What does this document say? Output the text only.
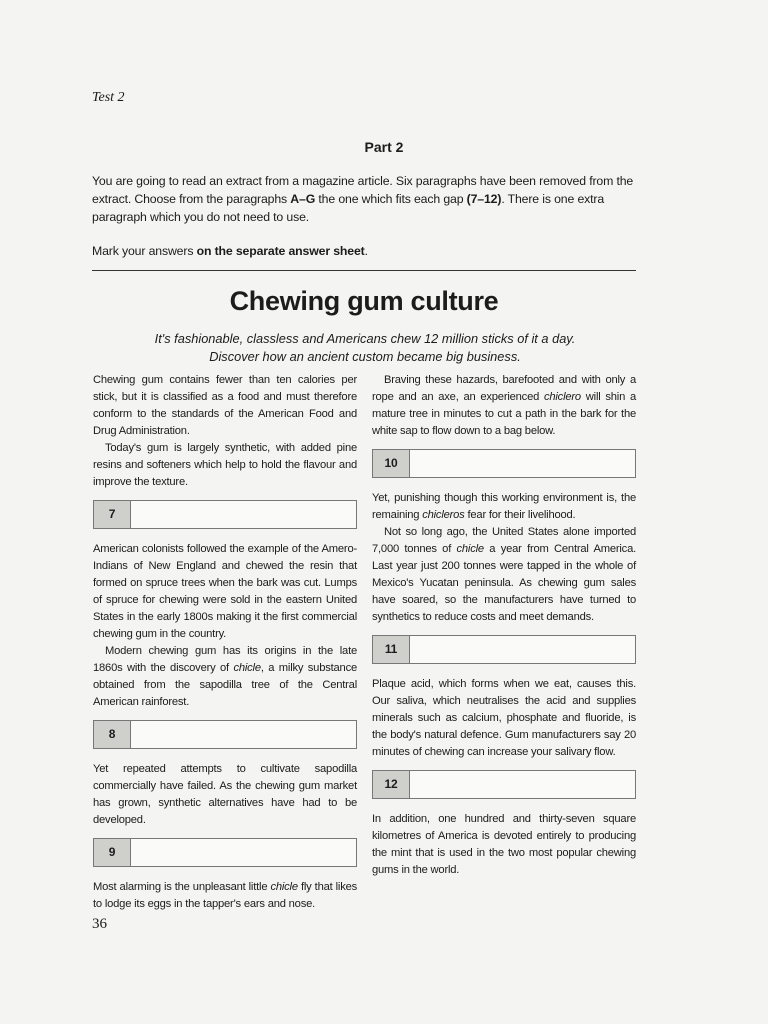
Test 2
Part 2

You are going to read an extract from a magazine article. Six paragraphs have been removed from the extract. Choose from the paragraphs A–G the one which fits each gap (7–12). There is one extra paragraph which you do not need to use.

Mark your answers on the separate answer sheet.

Chewing gum culture
It's fashionable, classless and Americans chew 12 million sticks of it a day.
Discover how an ancient custom became big business.

Chewing gum contains fewer than ten calories per stick, but it is classified as a food and must therefore conform to the standards of the American Food and Drug Administration.

Today's gum is largely synthetic, with added pine resins and softeners which help to hold the flavour and improve the texture.

7

American colonists followed the example of the Amero-Indians of New England and chewed the resin that formed on spruce trees when the bark was cut. Lumps of spruce for chewing were sold in the eastern United States in the early 1800s making it the first commercial chewing gum in the country.

Modern chewing gum has its origins in the late 1860s with the discovery of chicle, a milky substance obtained from the sapodilla tree of the Central American rainforest.

8

Yet repeated attempts to cultivate sapodilla commercially have failed. As the chewing gum market has grown, synthetic alternatives have had to be developed.

9

Most alarming is the unpleasant little chicle fly that likes to lodge its eggs in the tapper's ears and nose.

Braving these hazards, barefooted and with only a rope and an axe, an experienced chiclero will shin a mature tree in minutes to cut a path in the bark for the white sap to flow down to a bag below.

10

Yet, punishing though this working environment is, the remaining chicleros fear for their livelihood.

Not so long ago, the United States alone imported 7,000 tonnes of chicle a year from Central America. Last year just 200 tonnes were tapped in the whole of Mexico's Yucatan peninsula. As chewing gum sales have soared, so the manufacturers have turned to synthetics to reduce costs and meet demands.

11

Plaque acid, which forms when we eat, causes this. Our saliva, which neutralises the acid and supplies minerals such as calcium, phosphate and fluoride, is the body's natural defence. Gum manufacturers say 20 minutes of chewing can increase your salivary flow.

12

In addition, one hundred and thirty-seven square kilometres of America is devoted entirely to producing the mint that is used in the two most popular chewing gums in the world.

36
